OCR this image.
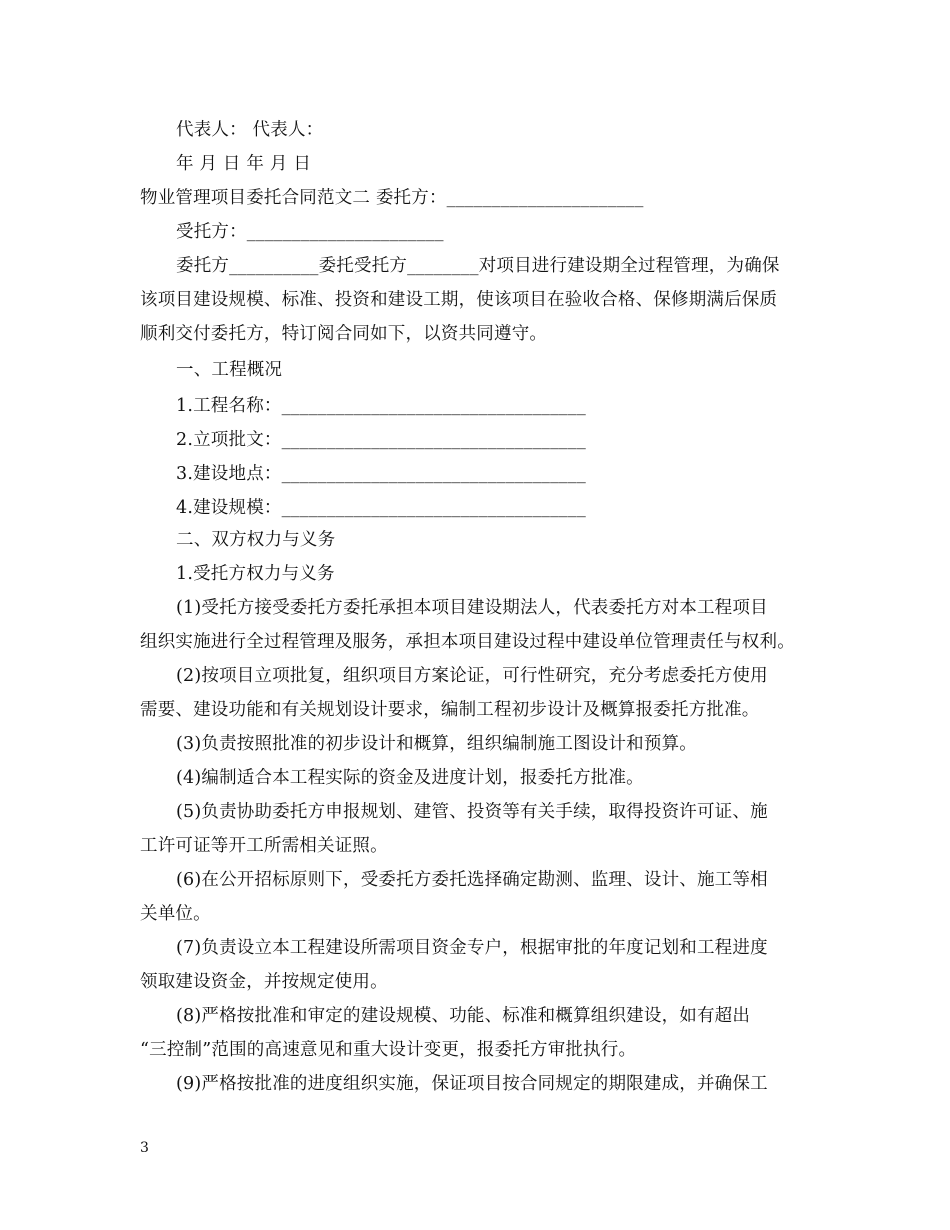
代表人： 代表人：
年 月 日 年 月 日
物业管理项目委托合同范文二 委托方：______________________
受托方：______________________
委托方__________委托受托方________对项目进行建设期全过程管理，为确保
该项目建设规模、标准、投资和建设工期，使该项目在验收合格、保修期满后保质
顺利交付委托方，特订阅合同如下，以资共同遵守。
一、工程概况
1.工程名称：__________________________________
2.立项批文：__________________________________
3.建设地点：__________________________________
4.建设规模：__________________________________
二、双方权力与义务
1.受托方权力与义务
(1)受托方接受委托方委托承担本项目建设期法人，代表委托方对本工程项目
组织实施进行全过程管理及服务，承担本项目建设过程中建设单位管理责任与权利。
(2)按项目立项批复，组织项目方案论证，可行性研究，充分考虑委托方使用
需要、建设功能和有关规划设计要求，编制工程初步设计及概算报委托方批准。
(3)负责按照批准的初步设计和概算，组织编制施工图设计和预算。
(4)编制适合本工程实际的资金及进度计划，报委托方批准。
(5)负责协助委托方申报规划、建管、投资等有关手续，取得投资许可证、施
工许可证等开工所需相关证照。
(6)在公开招标原则下，受委托方委托选择确定勘测、监理、设计、施工等相
关单位。
(7)负责设立本工程建设所需项目资金专户，根据审批的年度记划和工程进度
领取建设资金，并按规定使用。
(8)严格按批准和审定的建设规模、功能、标准和概算组织建设，如有超出
“三控制”范围的高速意见和重大设计变更，报委托方审批执行。
(9)严格按批准的进度组织实施，保证项目按合同规定的期限建成，并确保工
3
